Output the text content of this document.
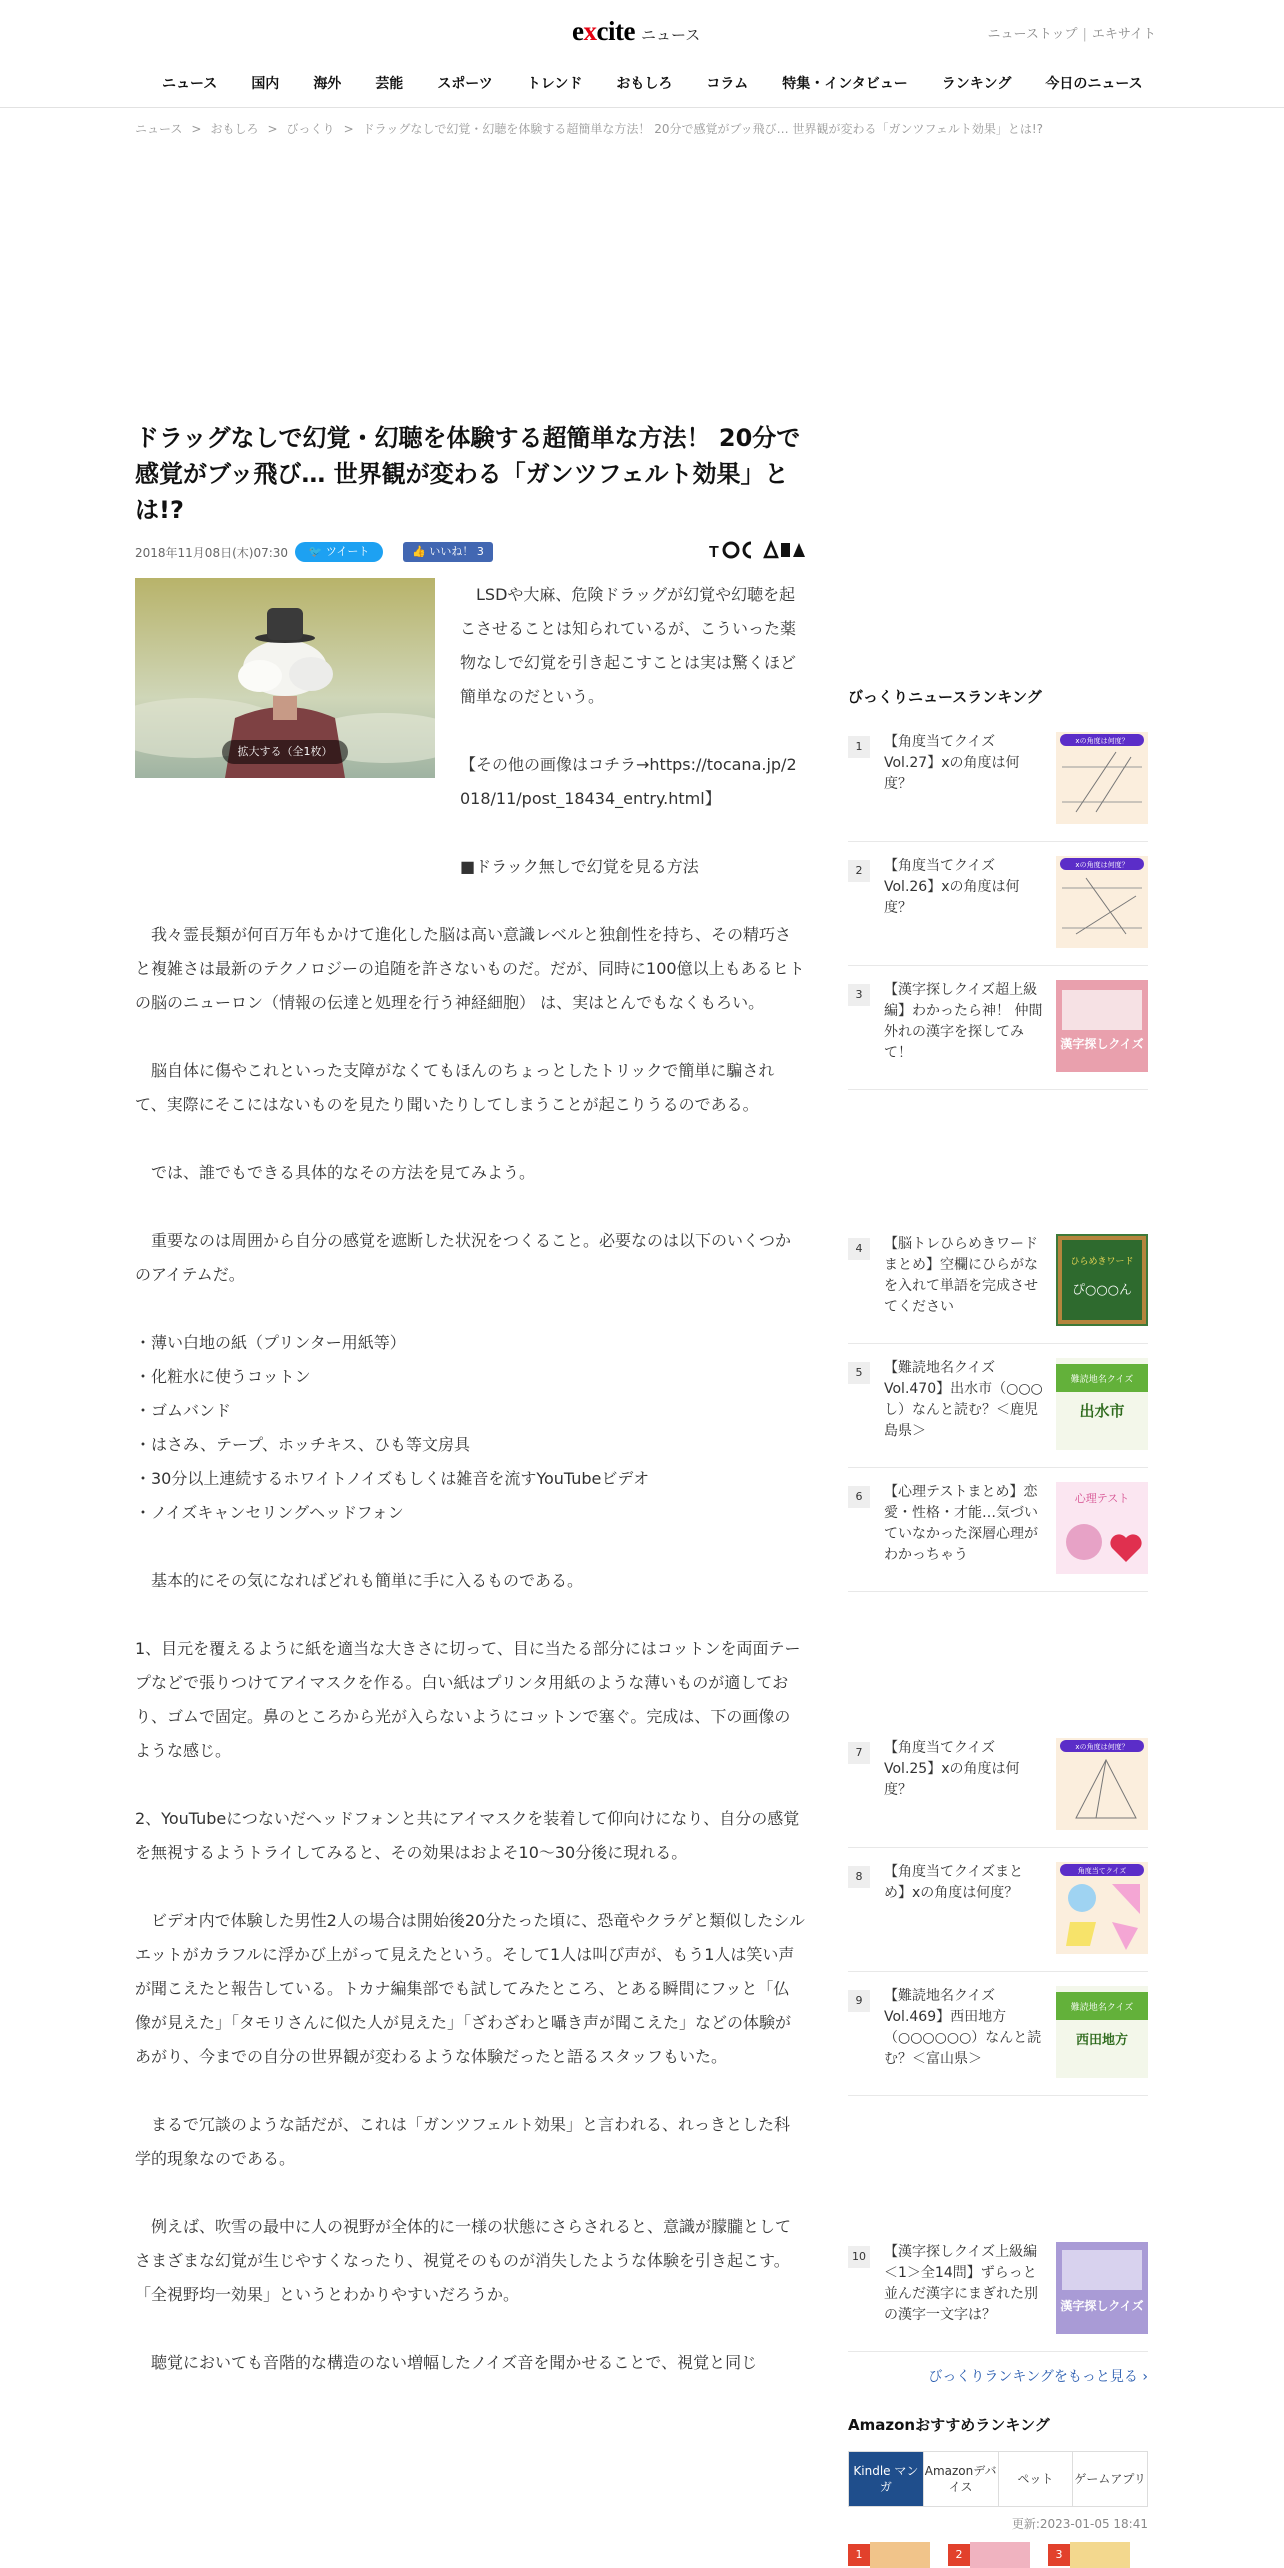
excite ニュース	ニューストップ | エキサイト
ニュース	国内	海外	芸能	スポーツ	トレンド	おもしろ	コラム	特集・インタビュー	ランキング	今日のニュース
ニュース > おもしろ > びっくり > ドラッグなしで幻覚・幻聴を体験する超簡単な方法！ 20分で感覚がブッ飛び… 世界観が変わる「ガンツフェルト効果」とは!?
ドラッグなしで幻覚・幻聴を体験する超簡単な方法！ 20分で感覚がブッ飛び… 世界観が変わる「ガンツフェルト効果」とは!?
2018年11月08日(木)07:30	🐦 ツイート	👍 いいね！ 3	T
拡大する（全1枚）

LSDや大麻、危険ドラッグが幻覚や幻聴を起こさせることは知られているが、こういった薬物なしで幻覚を引き起こすことは実は驚くほど簡単なのだという。

【その他の画像はコチラ→https://tocana.jp/2018/11/post_18434_entry.html】

■ドラック無しで幻覚を見る方法

我々霊長類が何百万年もかけて進化した脳は高い意識レベルと独創性を持ち、その精巧さと複雑さは最新のテクノロジーの追随を許さないものだ。だが、同時に100億以上もあるヒトの脳のニューロン（情報の伝達と処理を行う神経細胞） は、実はとんでもなくもろい。

脳自体に傷やこれといった支障がなくてもほんのちょっとしたトリックで簡単に騙されて、実際にそこにはないものを見たり聞いたりしてしまうことが起こりうるのである。

では、誰でもできる具体的なその方法を見てみよう。

重要なのは周囲から自分の感覚を遮断した状況をつくること。必要なのは以下のいくつかのアイテムだ。

・薄い白地の紙（プリンター用紙等）
・化粧水に使うコットン
・ゴムバンド
・はさみ、テープ、ホッチキス、ひも等文房具
・30分以上連続するホワイトノイズもしくは雑音を流すYouTubeビデオ
・ノイズキャンセリングヘッドフォン

基本的にその気になればどれも簡単に手に入るものである。

1、目元を覆えるように紙を適当な大きさに切って、目に当たる部分にはコットンを両面テープなどで張りつけてアイマスクを作る。白い紙はプリンタ用紙のような薄いものが適しており、ゴムで固定。鼻のところから光が入らないようにコットンで塞ぐ。完成は、下の画像のような感じ。

2、YouTubeにつないだヘッドフォンと共にアイマスクを装着して仰向けになり、自分の感覚を無視するようトライしてみると、その効果はおよそ10～30分後に現れる。

ビデオ内で体験した男性2人の場合は開始後20分たった頃に、恐竜やクラゲと類似したシルエットがカラフルに浮かび上がって見えたという。そして1人は叫び声が、もう1人は笑い声が聞こえたと報告している。トカナ編集部でも試してみたところ、とある瞬間にフッと「仏像が見えた」「タモリさんに似た人が見えた」「ざわざわと囁き声が聞こえた」などの体験があがり、今までの自分の世界観が変わるような体験だったと語るスタッフもいた。

まるで冗談のような話だが、これは「ガンツフェルト効果」と言われる、れっきとした科学的現象なのである。

例えば、吹雪の最中に人の視野が全体的に一様の状態にさらされると、意識が朦朧としてさまざまな幻覚が生じやすくなったり、視覚そのものが消失したような体験を引き起こす。「全視野均一効果」というとわかりやすいだろうか。

聴覚においても音階的な構造のない増幅したノイズ音を聞かせることで、視覚と同じ

びっくりニュースランキング
1	【角度当てクイズ Vol.27】xの角度は何度？
xの角度は何度？
2	【角度当てクイズ Vol.26】xの角度は何度？
xの角度は何度？
3	【漢字探しクイズ超上級編】わかったら神！ 仲間外れの漢字を探してみて！
漢字探しクイズ
4	【脳トレひらめきワードまとめ】空欄にひらがなを入れて単語を完成させてください
ひらめきワード
ぴ○○○ん
5	【難読地名クイズ Vol.470】出水市（○○○し）なんと読む？＜鹿児島県＞
難読地名クイズ
出水市
6	【心理テストまとめ】恋愛・性格・才能…気づいていなかった深層心理がわかっちゃう
心理テスト
7	【角度当てクイズ Vol.25】xの角度は何度？
xの角度は何度？
8	【角度当てクイズまとめ】xの角度は何度？
角度当てクイズ
9	【難読地名クイズ Vol.469】西田地方（○○○○○○）なんと読む？＜富山県＞
難読地名クイズ
西田地方
10 【漢字探しクイズ上級編＜1＞全14問】ずらっと並んだ漢字にまぎれた別の漢字一文字は？
漢字探しクイズ
びっくりランキングをもっと見る ›
Amazonおすすめランキング
Kindle マンガ
Amazonデバイス
ペット	ゲームアプリ
更新:2023-01-05 18:41
1	2	3
